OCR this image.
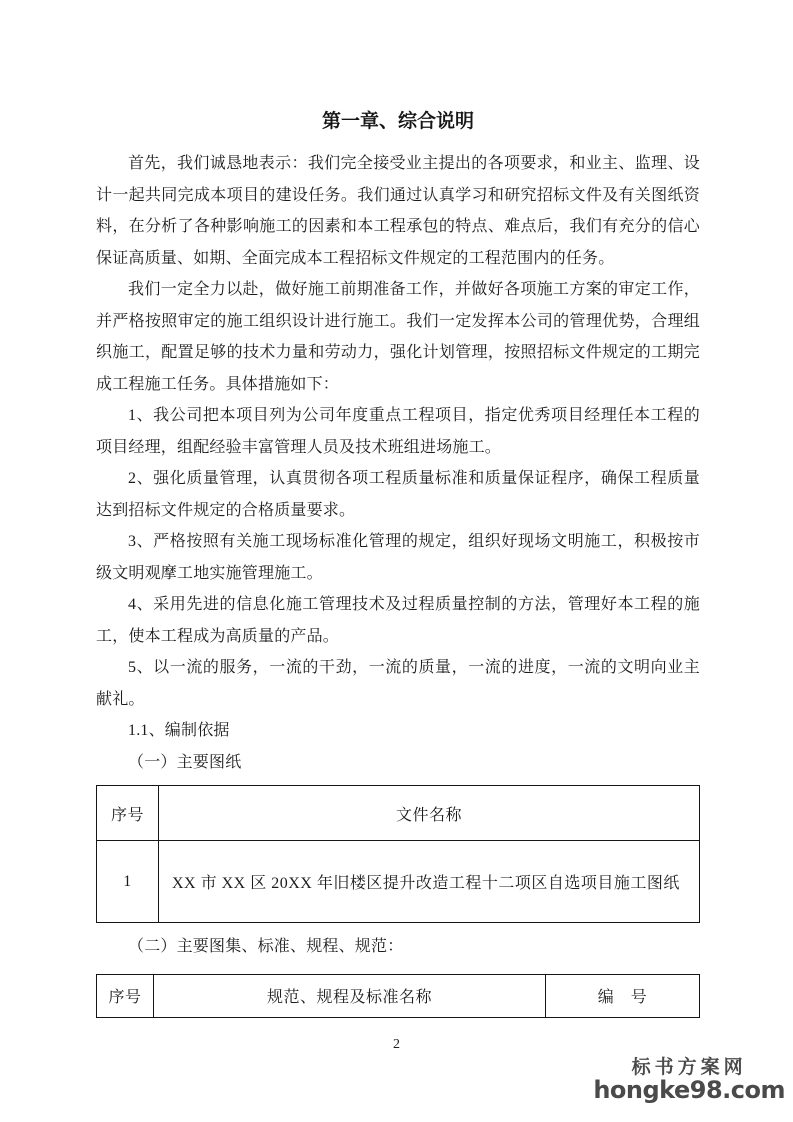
第一章、综合说明

首先，我们诚恳地表示：我们完全接受业主提出的各项要求，和业主、监理、设计一起共同完成本项目的建设任务。我们通过认真学习和研究招标文件及有关图纸资料，在分析了各种影响施工的因素和本工程承包的特点、难点后，我们有充分的信心保证高质量、如期、全面完成本工程招标文件规定的工程范围内的任务。

我们一定全力以赴，做好施工前期准备工作，并做好各项施工方案的审定工作，并严格按照审定的施工组织设计进行施工。我们一定发挥本公司的管理优势，合理组织施工，配置足够的技术力量和劳动力，强化计划管理，按照招标文件规定的工期完成工程施工任务。具体措施如下：

1、我公司把本项目列为公司年度重点工程项目，指定优秀项目经理任本工程的项目经理，组配经验丰富管理人员及技术班组进场施工。

2、强化质量管理，认真贯彻各项工程质量标准和质量保证程序，确保工程质量达到招标文件规定的合格质量要求。

3、严格按照有关施工现场标准化管理的规定，组织好现场文明施工，积极按市级文明观摩工地实施管理施工。

4、采用先进的信息化施工管理技术及过程质量控制的方法，管理好本工程的施工，使本工程成为高质量的产品。

5、以一流的服务，一流的干劲，一流的质量，一流的进度，一流的文明向业主献礼。

1.1、编制依据

（一）主要图纸

序号	文件名称
1	XX 市 XX 区 20XX 年旧楼区提升改造工程十二项区自选项目施工图纸

（二）主要图集、标准、规程、规范：

序号	规范、规程及标准名称	编　号
2
标书方案网
hongke98.com
